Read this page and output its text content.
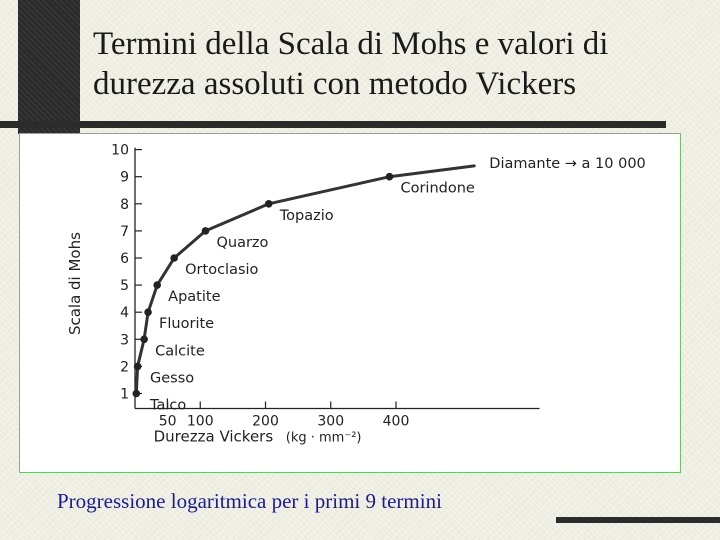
Termini della Scala di Mohs e valori di
durezza assoluti con metodo Vickers
1
2
3
4
5
6
7
8
9
10
50 100	200	300	400
Scala di Mohs
Durezza Vickers (kg · mm⁻²)
Talco
Gesso
Calcite
Fluorite
Apatite
Ortoclasio
Quarzo
Topazio
Corindone
Diamante → a 10 000

Progressione logaritmica per i primi 9 termini
